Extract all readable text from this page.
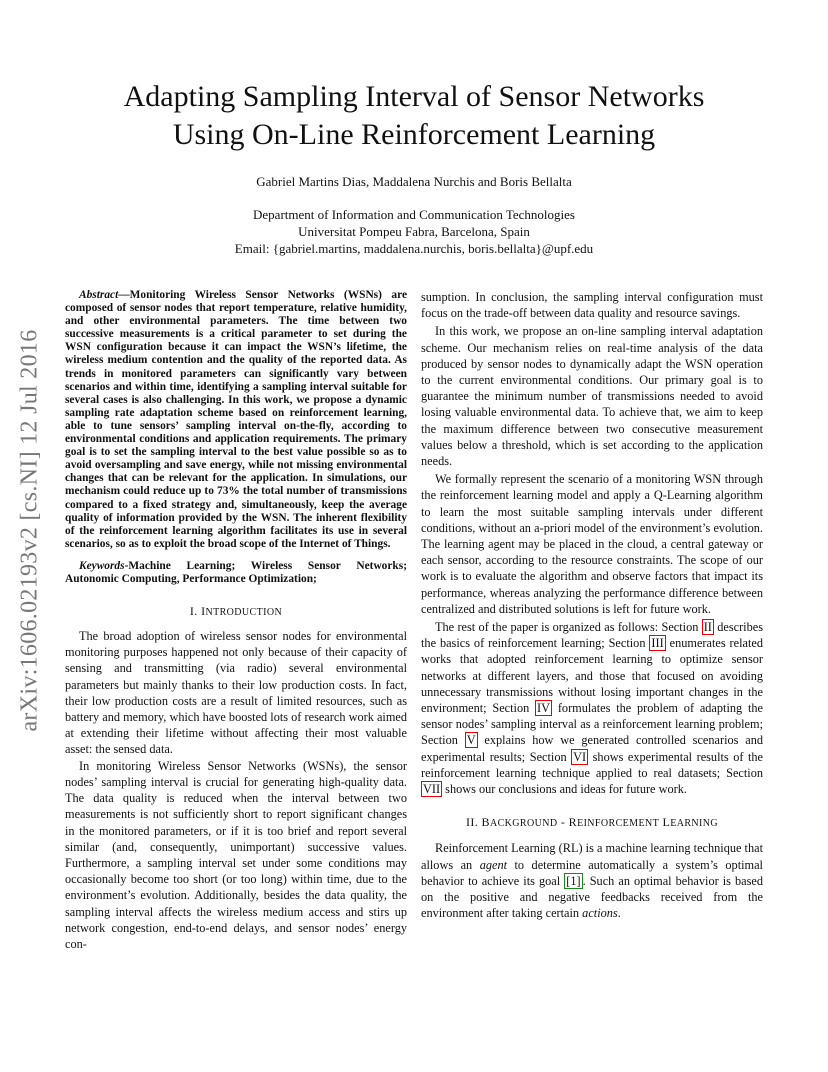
Adapting Sampling Interval of Sensor Networks
Using On-Line Reinforcement Learning
Gabriel Martins Dias, Maddalena Nurchis and Boris Bellalta
Department of Information and Communication Technologies
Universitat Pompeu Fabra, Barcelona, Spain
Email: {gabriel.martins, maddalena.nurchis, boris.bellalta}@upf.edu
arXiv:1606.02193v2 [cs.NI] 12 Jul 2016

Abstract—Monitoring Wireless Sensor Networks (WSNs) are composed of sensor nodes that report temperature, relative humidity, and other environmental parameters. The time between two successive measurements is a critical parameter to set during the WSN configuration because it can impact the WSN’s lifetime, the wireless medium contention and the quality of the reported data. As trends in monitored parameters can significantly vary between scenarios and within time, identifying a sampling interval suitable for several cases is also challenging. In this work, we propose a dynamic sampling rate adaptation scheme based on reinforcement learning, able to tune sensors’ sampling interval on-the-fly, according to environmental conditions and application requirements. The primary goal is to set the sampling interval to the best value possible so as to avoid oversampling and save energy, while not missing environmental changes that can be relevant for the application. In simulations, our mechanism could reduce up to 73% the total number of transmissions compared to a fixed strategy and, simultaneously, keep the average quality of information provided by the WSN. The inherent flexibility of the reinforcement learning algorithm facilitates its use in several scenarios, so as to exploit the broad scope of the Internet of Things.

Keywords-Machine Learning; Wireless Sensor Networks; Autonomic Computing, Performance Optimization;

I. INTRODUCTION

The broad adoption of wireless sensor nodes for environmental monitoring purposes happened not only because of their capacity of sensing and transmitting (via radio) several environmental parameters but mainly thanks to their low production costs. In fact, their low production costs are a result of limited resources, such as battery and memory, which have boosted lots of research work aimed at extending their lifetime without affecting their most valuable asset: the sensed data.

In monitoring Wireless Sensor Networks (WSNs), the sensor nodes’ sampling interval is crucial for generating high-quality data. The data quality is reduced when the interval between two measurements is not sufficiently short to report significant changes in the monitored parameters, or if it is too brief and report several similar (and, consequently, unimportant) successive values. Furthermore, a sampling interval set under some conditions may occasionally become too short (or too long) within time, due to the environment’s evolution. Additionally, besides the data quality, the sampling interval affects the wireless medium access and stirs up network congestion, end-to-end delays, and sensor nodes’ energy con-

sumption. In conclusion, the sampling interval configuration must focus on the trade-off between data quality and resource savings.

In this work, we propose an on-line sampling interval adaptation scheme. Our mechanism relies on real-time analysis of the data produced by sensor nodes to dynamically adapt the WSN operation to the current environmental conditions. Our primary goal is to guarantee the minimum number of transmissions needed to avoid losing valuable environmental data. To achieve that, we aim to keep the maximum difference between two consecutive measurement values below a threshold, which is set according to the application needs.

We formally represent the scenario of a monitoring WSN through the reinforcement learning model and apply a Q-Learning algorithm to learn the most suitable sampling intervals under different conditions, without an a-priori model of the environment’s evolution. The learning agent may be placed in the cloud, a central gateway or each sensor, according to the resource constraints. The scope of our work is to evaluate the algorithm and observe factors that impact its performance, whereas analyzing the performance difference between centralized and distributed solutions is left for future work.

The rest of the paper is organized as follows: Section II describes the basics of reinforcement learning; Section III enumerates related works that adopted reinforcement learning to optimize sensor networks at different layers, and those that focused on avoiding unnecessary transmissions without losing important changes in the environment; Section IV formulates the problem of adapting the sensor nodes’ sampling interval as a reinforcement learning problem; Section V explains how we generated controlled scenarios and experimental results; Section VI shows experimental results of the reinforcement learning technique applied to real datasets; Section VII shows our conclusions and ideas for future work.

II. BACKGROUND - REINFORCEMENT LEARNING

Reinforcement Learning (RL) is a machine learning technique that allows an agent to determine automatically a system’s optimal behavior to achieve its goal [1] . Such an optimal behavior is based on the positive and negative feedbacks received from the environment after taking certain actions.
